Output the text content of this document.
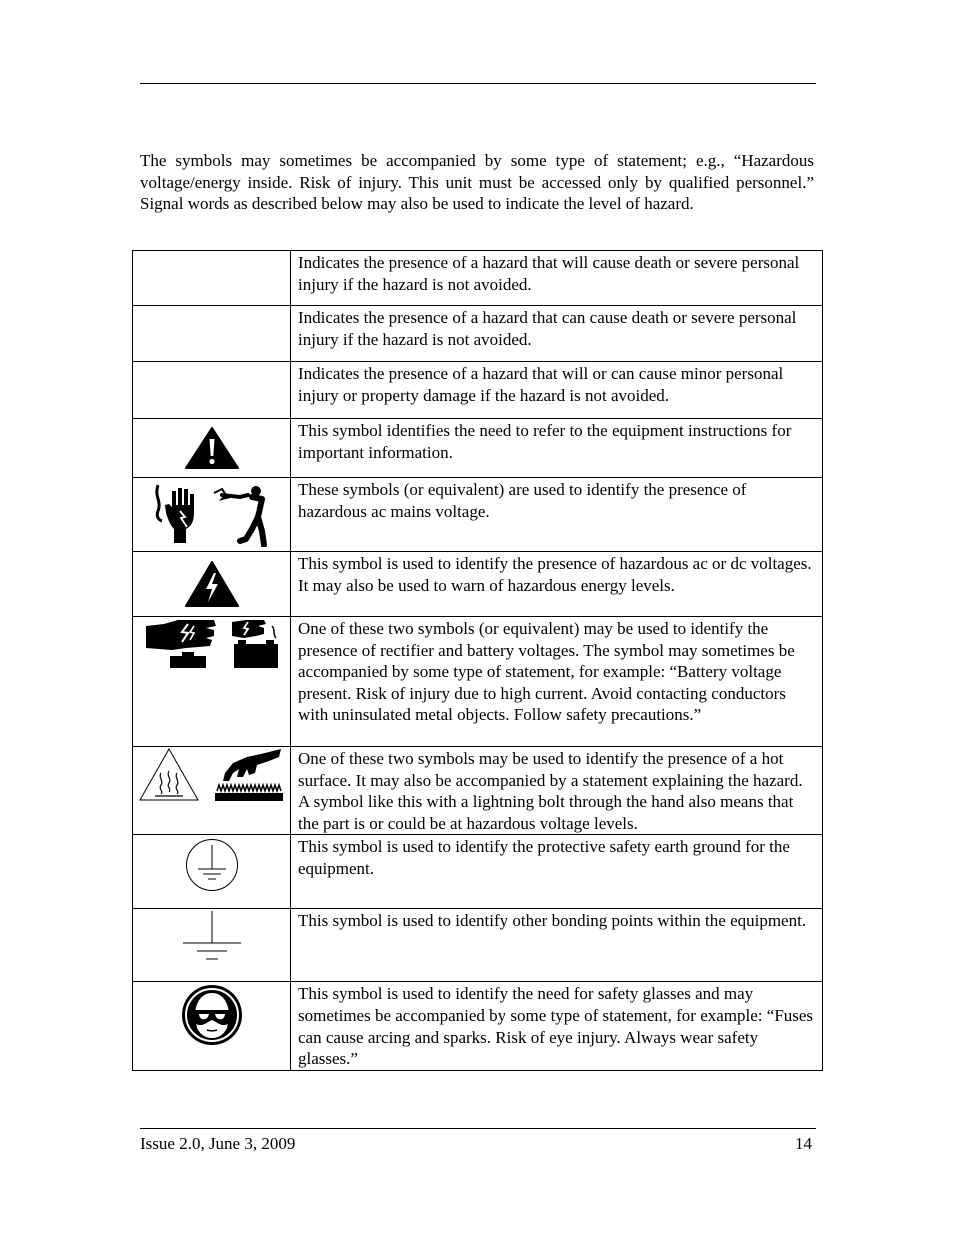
The symbols may sometimes be accompanied by some type of statement; e.g., “Hazardous voltage/energy inside. Risk of injury. This unit must be accessed only by qualified personnel.” Signal words as described below may also be used to indicate the level of hazard.

	Indicates the presence of a hazard that will cause death or severe personal injury if the hazard is not avoided.
	Indicates the presence of a hazard that can cause death or severe personal injury if the hazard is not avoided.
	Indicates the presence of a hazard that will or can cause minor personal injury or property damage if the hazard is not avoided.

	This symbol identifies the need to refer to the equipment instructions for important information.

	These symbols (or equivalent) are used to identify the presence of hazardous ac mains voltage.

	This symbol is used to identify the presence of hazardous ac or dc voltages. It may also be used to warn of hazardous energy levels.

	One of these two symbols (or equivalent) may be used to identify the presence of rectifier and battery voltages. The symbol may sometimes be accompanied by some type of statement, for example: “Battery voltage present. Risk of injury due to high current. Avoid contacting conductors with uninsulated metal objects. Follow safety precautions.”

	One of these two symbols may be used to identify the presence of a hot surface. It may also be accompanied by a statement explaining the hazard. A symbol like this with a lightning bolt through the hand also means that the part is or could be at hazardous voltage levels.

	This symbol is used to identify the protective safety earth ground for the equipment.

	This symbol is used to identify other bonding points within the equipment.

	This symbol is used to identify the need for safety glasses and may sometimes be accompanied by some type of statement, for example: “Fuses can cause arcing and sparks. Risk of eye injury. Always wear safety glasses.”
Issue 2.0, June 3, 2009	14
